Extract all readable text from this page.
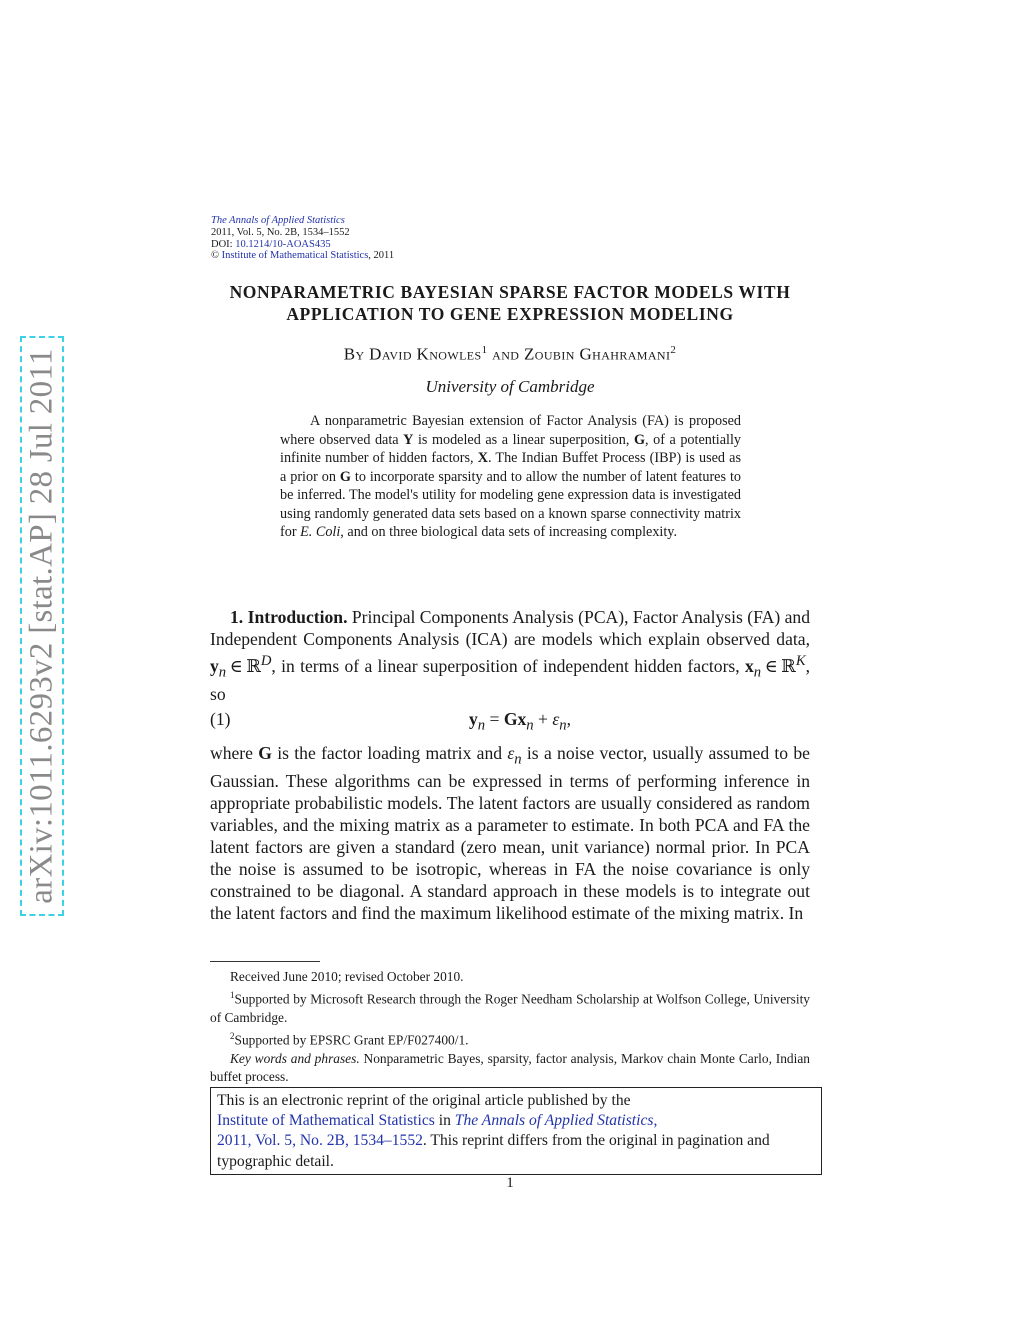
arXiv:1011.6293v2 [stat.AP] 28 Jul 2011
The Annals of Applied Statistics
2011, Vol. 5, No. 2B, 1534–1552
DOI: 10.1214/10-AOAS435
© Institute of Mathematical Statistics, 2011
NONPARAMETRIC BAYESIAN SPARSE FACTOR MODELS WITH
APPLICATION TO GENE EXPRESSION MODELING
By David Knowles$^1$ and Zoubin Ghahramani$^2$
University of Cambridge
A nonparametric Bayesian extension of Factor Analysis (FA) is proposed where observed data Y is modeled as a linear superposition, G, of a potentially infinite number of hidden factors, X. The Indian Buffet Process (IBP) is used as a prior on G to incorporate sparsity and to allow the number of latent features to be inferred. The model's utility for modeling gene expression data is investigated using randomly generated data sets based on a known sparse connectivity matrix for E. Coli, and on three biological data sets of increasing complexity.
1. Introduction. Principal Components Analysis (PCA), Factor Analysis (FA) and Independent Components Analysis (ICA) are models which explain observed data, $y_n$ ∈ ℝ$^D$, in terms of a linear superposition of independent hidden factors, $x_n$ ∈ ℝ$^K$, so
(1)	$y_n = Gx_n + \varepsilon_n$,
where G is the factor loading matrix and $\varepsilon_n$ is a noise vector, usually assumed to be Gaussian. These algorithms can be expressed in terms of performing inference in appropriate probabilistic models. The latent factors are usually considered as random variables, and the mixing matrix as a parameter to estimate. In both PCA and FA the latent factors are given a standard (zero mean, unit variance) normal prior. In PCA the noise is assumed to be isotropic, whereas in FA the noise covariance is only constrained to be diagonal. A standard approach in these models is to integrate out the latent factors and find the maximum likelihood estimate of the mixing matrix. In

Received June 2010; revised October 2010.

$^1$Supported by Microsoft Research through the Roger Needham Scholarship at Wolfson College, University of Cambridge.

$^2$Supported by EPSRC Grant EP/F027400/1.

Key words and phrases. Nonparametric Bayes, sparsity, factor analysis, Markov chain Monte Carlo, Indian buffet process.

This is an electronic reprint of the original article published by the
Institute of Mathematical Statistics in The Annals of Applied Statistics,
2011, Vol. 5, No. 2B, 1534–1552. This reprint differs from the original in pagination and typographic detail.
1
